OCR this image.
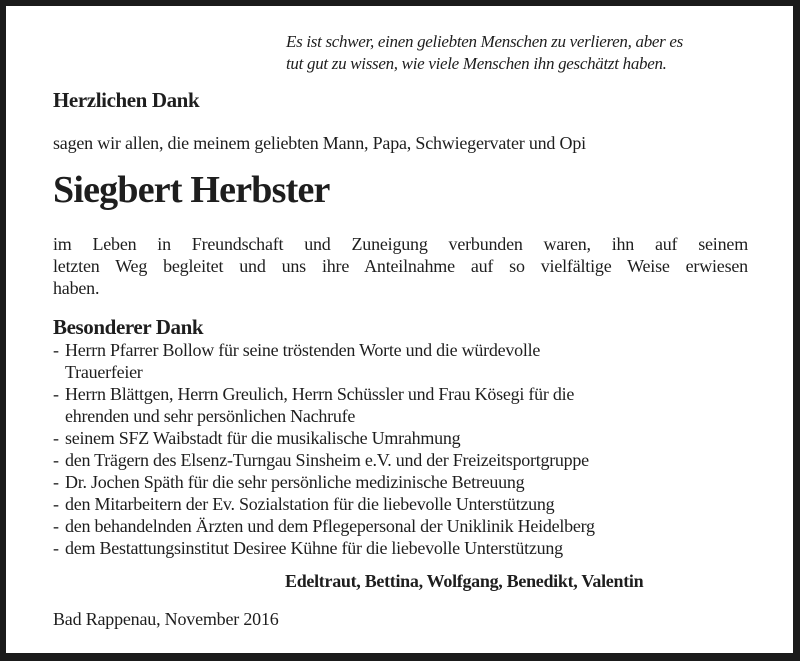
Es ist schwer, einen geliebten Menschen zu verlieren, aber es
tut gut zu wissen, wie viele Menschen ihn geschätzt haben.
Herzlichen Dank
sagen wir allen, die meinem geliebten Mann, Papa, Schwiegervater und Opi
Siegbert Herbster
im Leben in Freundschaft und Zuneigung verbunden waren, ihn auf seinem
letzten Weg begleitet und uns ihre Anteilnahme auf so vielfältige Weise erwiesen
haben.
Besonderer Dank
- Herrn Pfarrer Bollow für seine tröstenden Worte und die würdevolle
Trauerfeier
- Herrn Blättgen, Herrn Greulich, Herrn Schüssler und Frau Kösegi für die
ehrenden und sehr persönlichen Nachrufe
- seinem SFZ Waibstadt für die musikalische Umrahmung
- den Trägern des Elsenz-Turngau Sinsheim e.V. und der Freizeitsportgruppe
- Dr. Jochen Späth für die sehr persönliche medizinische Betreuung
- den Mitarbeitern der Ev. Sozialstation für die liebevolle Unterstützung
- den behandelnden Ärzten und dem Pflegepersonal der Uniklinik Heidelberg
- dem Bestattungsinstitut Desiree Kühne für die liebevolle Unterstützung
Edeltraut, Bettina, Wolfgang, Benedikt, Valentin
Bad Rappenau, November 2016
